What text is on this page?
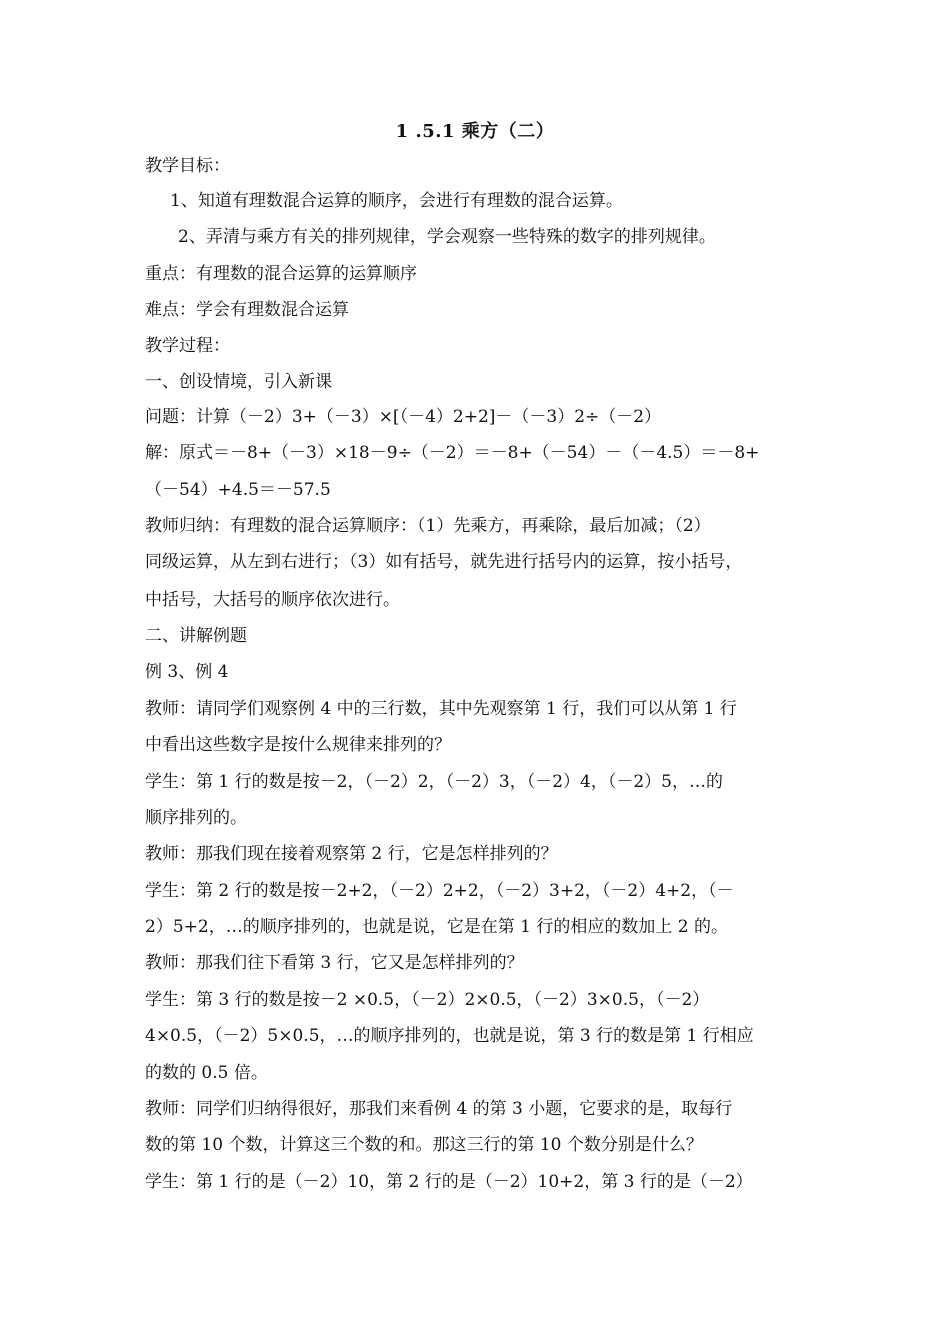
1 .5.1 乘方（二）
教学目标：
1、知道有理数混合运算的顺序，会进行有理数的混合运算。
2、弄清与乘方有关的排列规律，学会观察一些特殊的数字的排列规律。
重点：有理数的混合运算的运算顺序
难点：学会有理数混合运算
教学过程：
一、创设情境，引入新课
问题：计算（－2）3+（－3）×[（－4）2+2]－（－3）2÷（－2）
解：原式＝－8+（－3）×18－9÷（－2）＝－8+（－54）－（－4.5）＝－8+
（－54）+4.5＝－57.5
教师归纳：有理数的混合运算顺序：（1）先乘方，再乘除，最后加减；（2）
同级运算，从左到右进行；（3）如有括号，就先进行括号内的运算，按小括号，
中括号，大括号的顺序依次进行。
二、讲解例题
例 3、例 4
教师：请同学们观察例 4 中的三行数，其中先观察第 1 行，我们可以从第 1 行
中看出这些数字是按什么规律来排列的？
学生：第 1 行的数是按－2，（－2）2，（－2）3，（－2）4，（－2）5，…的
顺序排列的。
教师：那我们现在接着观察第 2 行，它是怎样排列的？
学生：第 2 行的数是按－2+2，（－2）2+2，（－2）3+2，（－2）4+2，（－
2）5+2，…的顺序排列的，也就是说，它是在第 1 行的相应的数加上 2 的。
教师：那我们往下看第 3 行，它又是怎样排列的？
学生：第 3 行的数是按－2 ×0.5，（－2）2×0.5，（－2）3×0.5，（－2）
4×0.5，（－2）5×0.5，…的顺序排列的，也就是说，第 3 行的数是第 1 行相应
的数的 0.5 倍。
教师：同学们归纳得很好，那我们来看例 4 的第 3 小题，它要求的是，取每行
数的第 10 个数，计算这三个数的和。那这三行的第 10 个数分别是什么？
学生：第 1 行的是（－2）10，第 2 行的是（－2）10+2，第 3 行的是（－2）
